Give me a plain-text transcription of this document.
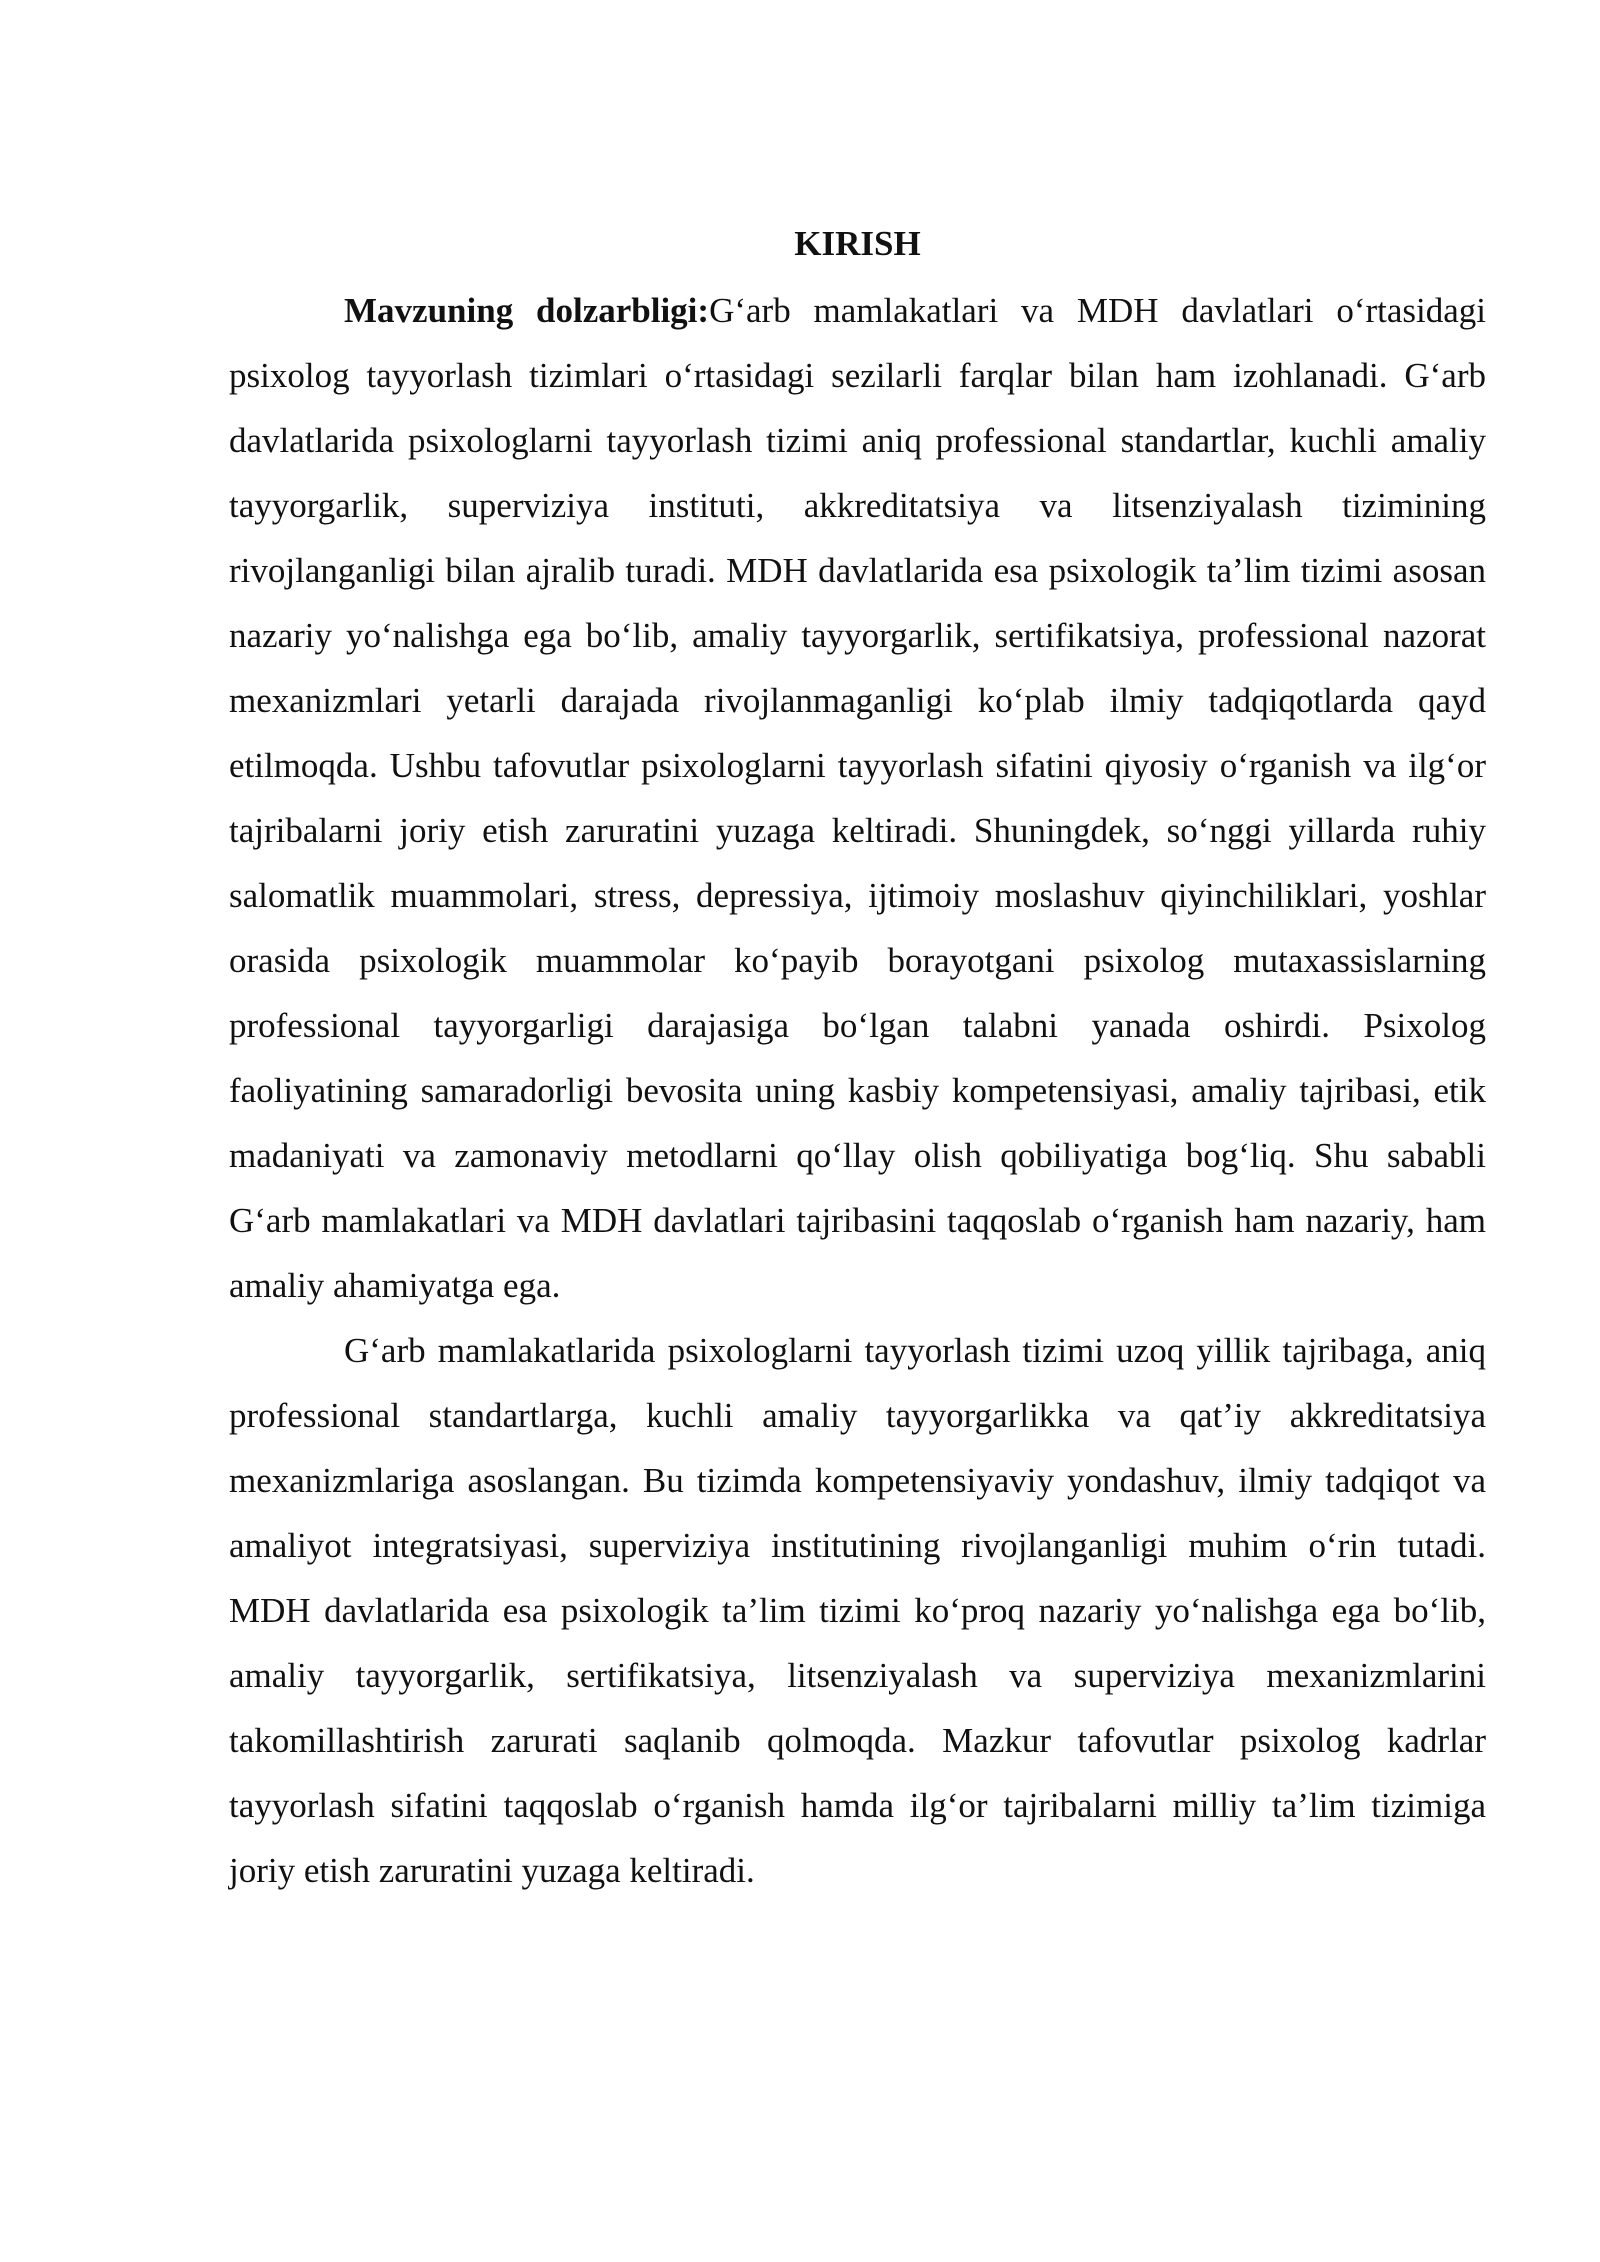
KIRISH

Mavzuning dolzarbligi:G‘arb mamlakatlari va MDH davlatlari o‘rtasidagi psixolog tayyorlash tizimlari o‘rtasidagi sezilarli farqlar bilan ham izohlanadi. G‘arb davlatlarida psixologlarni tayyorlash tizimi aniq professional standartlar, kuchli amaliy tayyorgarlik, superviziya instituti, akkreditatsiya va litsenziyalash tizimining rivojlanganligi bilan ajralib turadi. MDH davlatlarida esa psixologik ta’lim tizimi asosan nazariy yo‘nalishga ega bo‘lib, amaliy tayyorgarlik, sertifikatsiya, professional nazorat mexanizmlari yetarli darajada rivojlanmaganligi ko‘plab ilmiy tadqiqotlarda qayd etilmoqda. Ushbu tafovutlar psixologlarni tayyorlash sifatini qiyosiy o‘rganish va ilg‘or tajribalarni joriy etish zaruratini yuzaga keltiradi. Shuningdek, so‘nggi yillarda ruhiy salomatlik muammolari, stress, depressiya, ijtimoiy moslashuv qiyinchiliklari, yoshlar orasida psixologik muammolar ko‘payib borayotgani psixolog mutaxassislarning professional tayyorgarligi darajasiga bo‘lgan talabni yanada oshirdi. Psixolog faoliyatining samaradorligi bevosita uning kasbiy kompetensiyasi, amaliy tajribasi, etik madaniyati va zamonaviy metodlarni qo‘llay olish qobiliyatiga bog‘liq. Shu sababli G‘arb mamlakatlari va MDH davlatlari tajribasini taqqoslab o‘rganish ham nazariy, ham amaliy ahamiyatga ega.

G‘arb mamlakatlarida psixologlarni tayyorlash tizimi uzoq yillik tajribaga, aniq professional standartlarga, kuchli amaliy tayyorgarlikka va qat’iy akkreditatsiya mexanizmlariga asoslangan. Bu tizimda kompetensiyaviy yondashuv, ilmiy tadqiqot va amaliyot integratsiyasi, superviziya institutining rivojlanganligi muhim o‘rin tutadi. MDH davlatlarida esa psixologik ta’lim tizimi ko‘proq nazariy yo‘nalishga ega bo‘lib, amaliy tayyorgarlik, sertifikatsiya, litsenziyalash va superviziya mexanizmlarini takomillashtirish zarurati saqlanib qolmoqda. Mazkur tafovutlar psixolog kadrlar tayyorlash sifatini taqqoslab o‘rganish hamda ilg‘or tajribalarni milliy ta’lim tizimiga joriy etish zaruratini yuzaga keltiradi.
